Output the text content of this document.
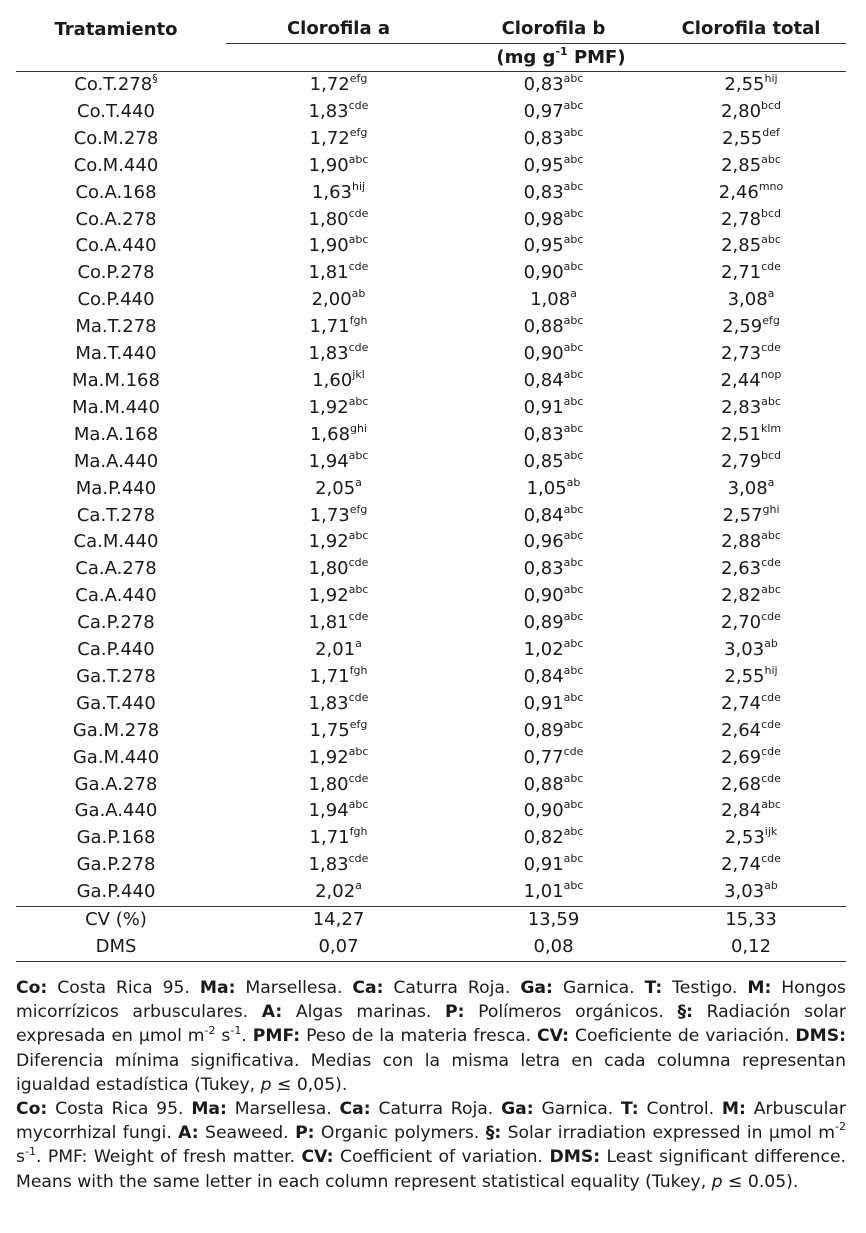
Tratamiento	Clorofila a	Clorofila b	Clorofila total
	(mg $g^{-1}$ PMF)		
Co.T.278§	1,72$^{efg}$	0,83$^{abc}$	$2,55^{hij}$
Co.T.440	1,83$^{cde}$	0,97$^{abc}$	2,80$^{bcd}$
Co.M.278	1,72$^{efg}$	0,83$^{abc}$	2,55$^{def}$
Co.M.440	1,90$^{abc}$	0,95$^{abc}$	2,85$^{abc}$
Co.A.168	$1,63^{hij}$	0,83$^{abc}$	$2,46^{mno}$
Co.A.278	1,80$^{cde}$	0,98$^{abc}$	2,78$^{bcd}$
Co.A.440	1,90$^{abc}$	0,95$^{abc}$	2,85$^{abc}$
Co.P.278	1,81$^{cde}$	0,90$^{abc}$	2,71$^{cde}$
Co.P.440	2,00$^{ab}$	1,08$^a$	3,08$^a$
Ma.T.278	1,71$^{fgh}$	0,88$^{abc}$	2,59$^{efg}$
Ma.T.440	1,83$^{cde}$	0,90$^{abc}$	2,73$^{cde}$
Ma.M.168	$1,60^{jkl}$	0,84$^{abc}$	$2,44^{nop}$
Ma.M.440	1,92$^{abc}$	0,91$^{abc}$	2,83$^{abc}$
Ma.A.168	$1,68^{ghi}$	0,83$^{abc}$	$2,51^{klm}$
Ma.A.440	1,94$^{abc}$	0,85$^{abc}$	2,79$^{bcd}$
Ma.P.440	2,05$^a$	1,05$^{ab}$	3,08$^a$
Ca.T.278	1,73$^{efg}$	0,84$^{abc}$	$2,57^{ghi}$
Ca.M.440	1,92$^{abc}$	0,96$^{abc}$	2,88$^{abc}$
Ca.A.278	1,80$^{cde}$	0,83$^{abc}$	2,63$^{cde}$
Ca.A.440	1,92$^{abc}$	0,90$^{abc}$	2,82$^{abc}$
Ca.P.278	1,81$^{cde}$	0,89$^{abc}$	2,70$^{cde}$
Ca.P.440	2,01$^a$	1,02$^{abc}$	3,03$^{ab}$
Ga.T.278	1,71$^{fgh}$	0,84$^{abc}$	$2,55^{hij}$
Ga.T.440	1,83$^{cde}$	0,91$^{abc}$	2,74$^{cde}$
Ga.M.278	1,75$^{efg}$	0,89$^{abc}$	2,64$^{cde}$
Ga.M.440	1,92$^{abc}$	0,77$^{cde}$	2,69$^{cde}$
Ga.A.278	1,80$^{cde}$	0,88$^{abc}$	2,68$^{cde}$
Ga.A.440	1,94$^{abc}$	0,90$^{abc}$	2,84$^{abc}$
Ga.P.168	1,71$^{fgh}$	0,82$^{abc}$	$2,53^{ijk}$
Ga.P.278	1,83$^{cde}$	0,91$^{abc}$	2,74$^{cde}$
Ga.P.440	2,02$^a$	1,01$^{abc}$	3,03$^{ab}$
CV (%)	14,27	13,59	15,33
DMS	0,07	0,08	0,12

Co: Costa Rica 95. Ma: Marsellesa. Ca: Caturra Roja. Ga: Garnica. T: Testigo. M: Hongos micorrízicos arbusculares. A: Algas marinas. P: Polímeros orgánicos. §: Radiación solar expresada en μmol $m^{-2}$ $s^{-1}$. PMF: Peso de la materia fresca. CV: Coeficiente de variación. DMS: Diferencia mínima significativa. Medias con la misma letra en cada columna representan igualdad estadística (Tukey, p ≤ 0,05).

Co: Costa Rica 95. Ma: Marsellesa. Ca: Caturra Roja. Ga: Garnica. T: Control. M: Arbuscular mycorrhizal fungi. A: Seaweed. P: Organic polymers. §: Solar irradiation expressed in μmol $m^{-2}$ $s^{-1}$. PMF: Weight of fresh matter. CV: Coefficient of variation. DMS: Least significant difference. Means with the same letter in each column represent statistical equality (Tukey, p ≤ 0.05).
